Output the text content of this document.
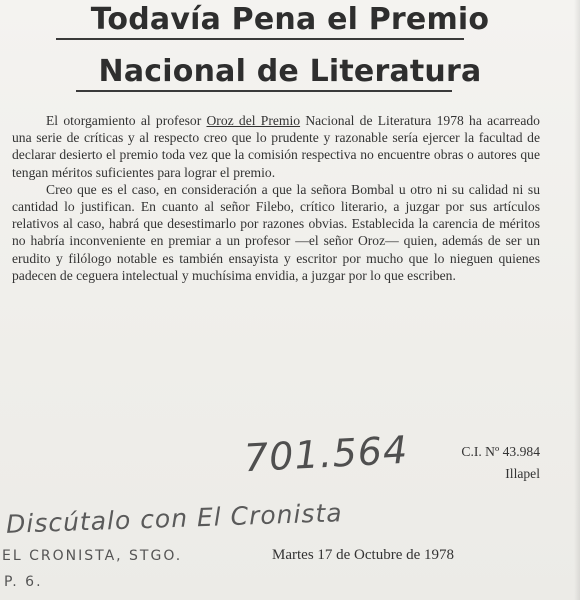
Todavía Pena el Premio
Nacional de Literatura

El otorgamiento al profesor Oroz del Premio Nacional de Literatura 1978 ha acarreado una serie de críticas y al respecto creo que lo prudente y razonable sería ejercer la facultad de declarar desierto el premio toda vez que la comisión respectiva no encuentre obras o autores que tengan méritos suficientes para lograr el premio.

Creo que es el caso, en consideración a que la señora Bombal u otro ni su calidad ni su cantidad lo justifican. En cuanto al señor Filebo, crítico literario, a juzgar por sus artículos relativos al caso, habrá que desestimarlo por razones obvias. Establecida la carencia de méritos no habría inconveniente en premiar a un profesor —el señor Oroz— quien, además de ser un erudito y filólogo notable es también ensayista y escritor por mucho que lo nieguen quienes padecen de ceguera intelectual y muchísima envidia, a juzgar por lo que escriben.

701.564	C.I. Nº 43.984
Illapel
Discútalo con El Cronista
EL CRONISTA, STGO.
P. 6.
Martes 17 de Octubre de 1978
